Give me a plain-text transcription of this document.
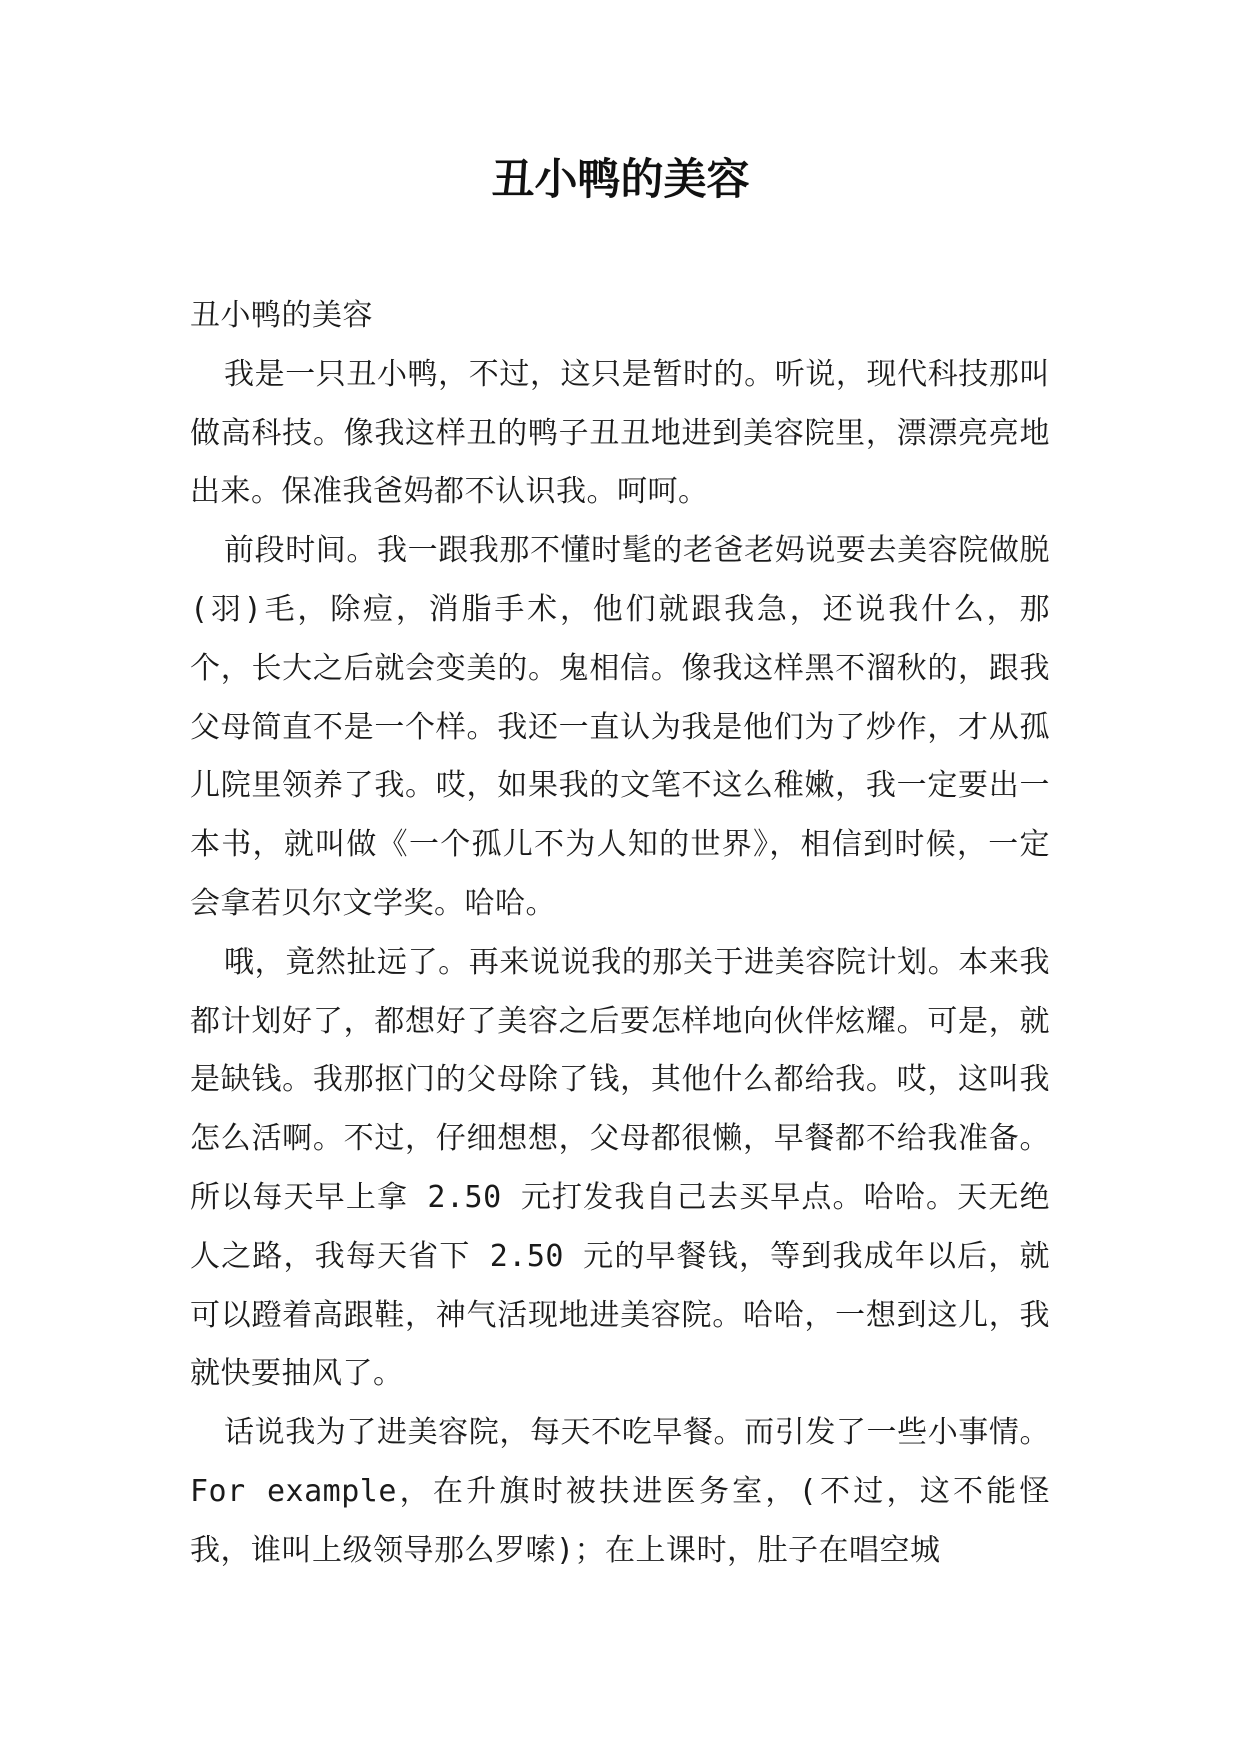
丑小鸭的美容

丑小鸭的美容

我是一只丑小鸭，不过，这只是暂时的。听说，现代科技那叫做高科技。像我这样丑的鸭子丑丑地进到美容院里，漂漂亮亮地出来。保准我爸妈都不认识我。呵呵。

前段时间。我一跟我那不懂时髦的老爸老妈说要去美容院做脱(羽)毛，除痘，消脂手术，他们就跟我急，还说我什么，那个，长大之后就会变美的。鬼相信。像我这样黑不溜秋的，跟我父母简直不是一个样。我还一直认为我是他们为了炒作，才从孤儿院里领养了我。哎，如果我的文笔不这么稚嫩，我一定要出一本书，就叫做《一个孤儿不为人知的世界》，相信到时候，一定会拿若贝尔文学奖。哈哈。

哦，竟然扯远了。再来说说我的那关于进美容院计划。本来我都计划好了，都想好了美容之后要怎样地向伙伴炫耀。可是，就是缺钱。我那抠门的父母除了钱，其他什么都给我。哎，这叫我怎么活啊。不过，仔细想想，父母都很懒，早餐都不给我准备。所以每天早上拿 2.50 元打发我自己去买早点。哈哈。天无绝人之路，我每天省下 2.50 元的早餐钱，等到我成年以后，就可以蹬着高跟鞋，神气活现地进美容院。哈哈，一想到这儿，我就快要抽风了。

话说我为了进美容院，每天不吃早餐。而引发了一些小事情。For example，在升旗时被扶进医务室，(不过，这不能怪我，谁叫上级领导那么罗嗦)；在上课时，肚子在唱空城
